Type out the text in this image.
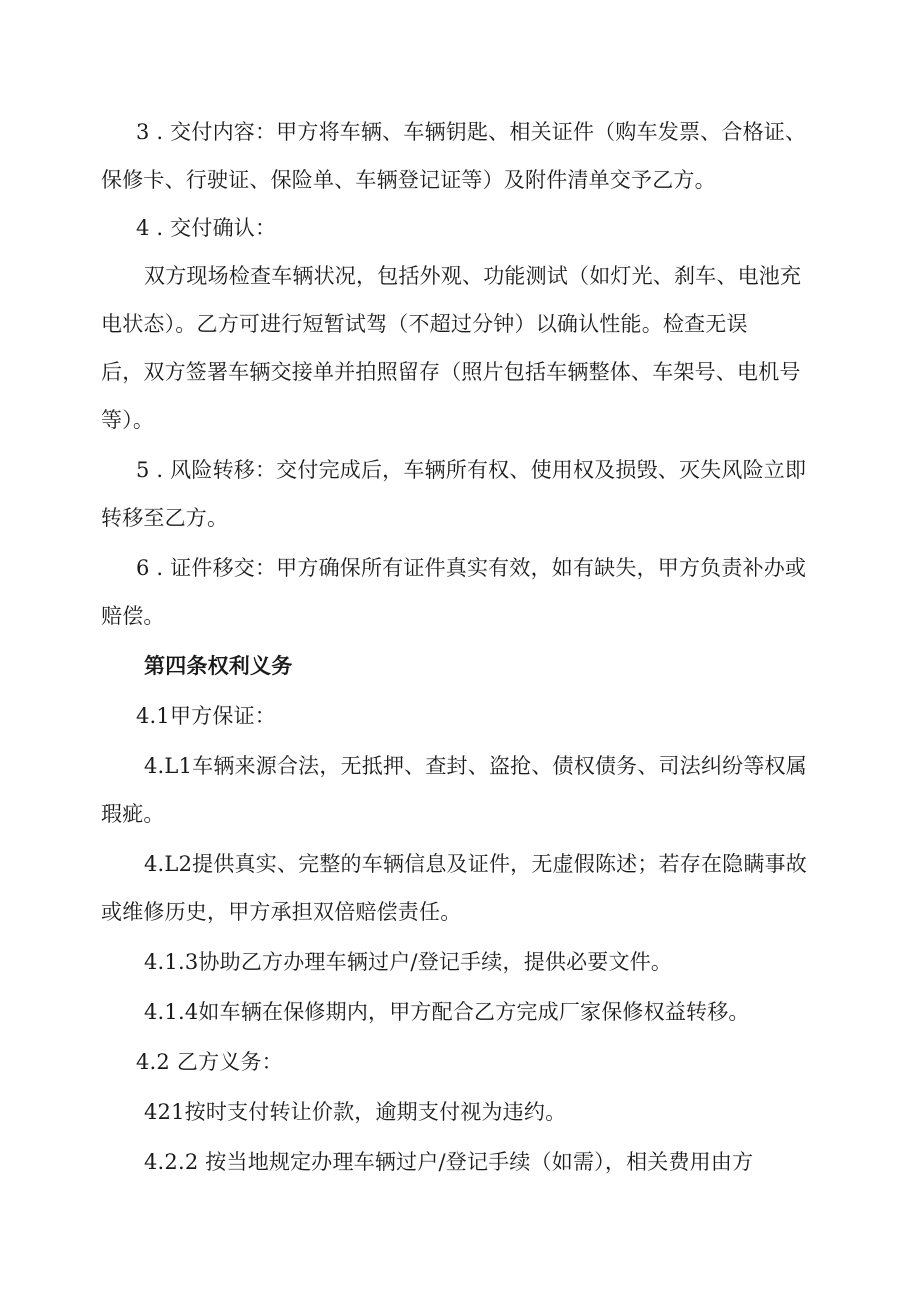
3 . 交付内容：甲方将车辆、车辆钥匙、相关证件（购车发票、合格证、
保修卡、行驶证、保险单、车辆登记证等）及附件清单交予乙方。
4 . 交付确认：
双方现场检查车辆状况，包括外观、功能测试（如灯光、刹车、电池充
电状态）。乙方可进行短暂试驾（不超过分钟）以确认性能。检查无误
后，双方签署车辆交接单并拍照留存（照片包括车辆整体、车架号、电机号
等）。
5 . 风险转移：交付完成后，车辆所有权、使用权及损毁、灭失风险立即
转移至乙方。
6 . 证件移交：甲方确保所有证件真实有效，如有缺失，甲方负责补办或
赔偿。
第四条权利义务
4.1甲方保证：
4.L1车辆来源合法，无抵押、查封、盗抢、债权债务、司法纠纷等权属
瑕疵。
4.L2提供真实、完整的车辆信息及证件，无虚假陈述；若存在隐瞒事故
或维修历史，甲方承担双倍赔偿责任。
4.1.3协助乙方办理车辆过户/登记手续，提供必要文件。
4.1.4如车辆在保修期内，甲方配合乙方完成厂家保修权益转移。
4.2 乙方义务：
421按时支付转让价款，逾期支付视为违约。
4.2.2 按当地规定办理车辆过户/登记手续（如需），相关费用由方
